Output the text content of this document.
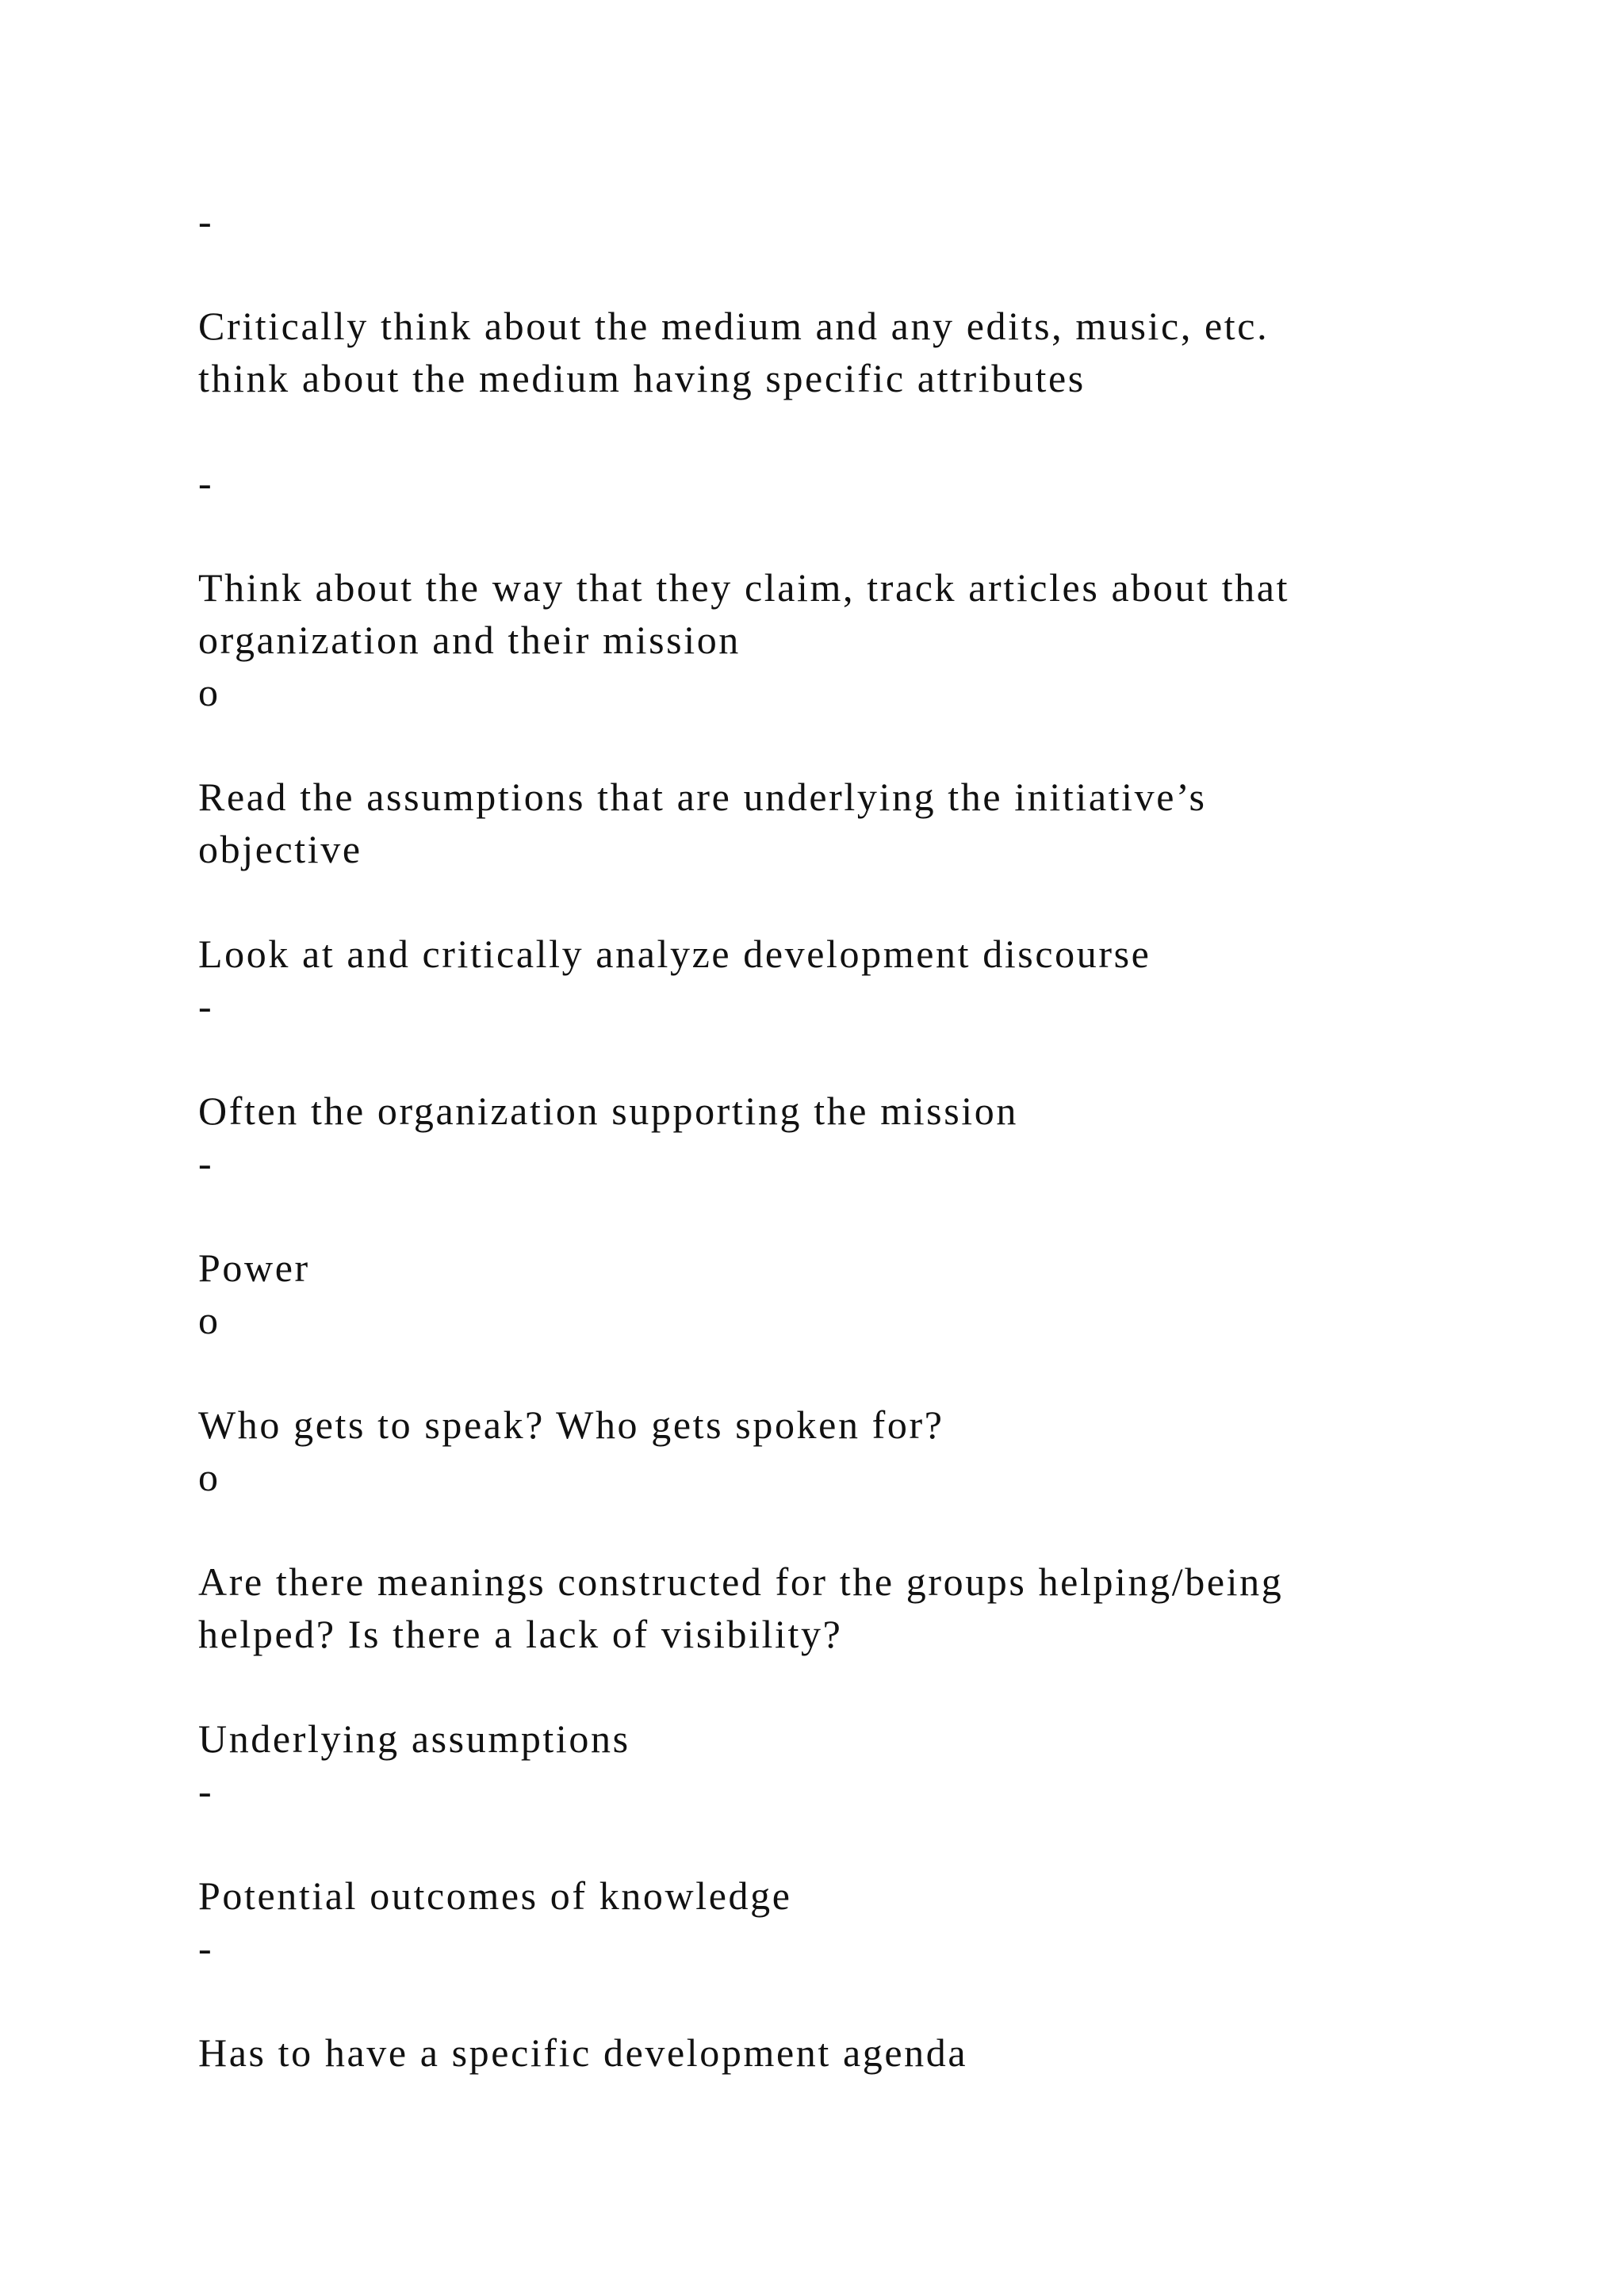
-
Critically think about the medium and any edits, music, etc.
think about the medium having specific attributes
-
Think about the way that they claim, track articles about that
organization and their mission
o
Read the assumptions that are underlying the initiative’s
objective
Look at and critically analyze development discourse
-
Often the organization supporting the mission
-
Power
o
Who gets to speak? Who gets spoken for?
o
Are there meanings constructed for the groups helping/being
helped? Is there a lack of visibility?
Underlying assumptions
-
Potential outcomes of knowledge
-
Has to have a specific development agenda
